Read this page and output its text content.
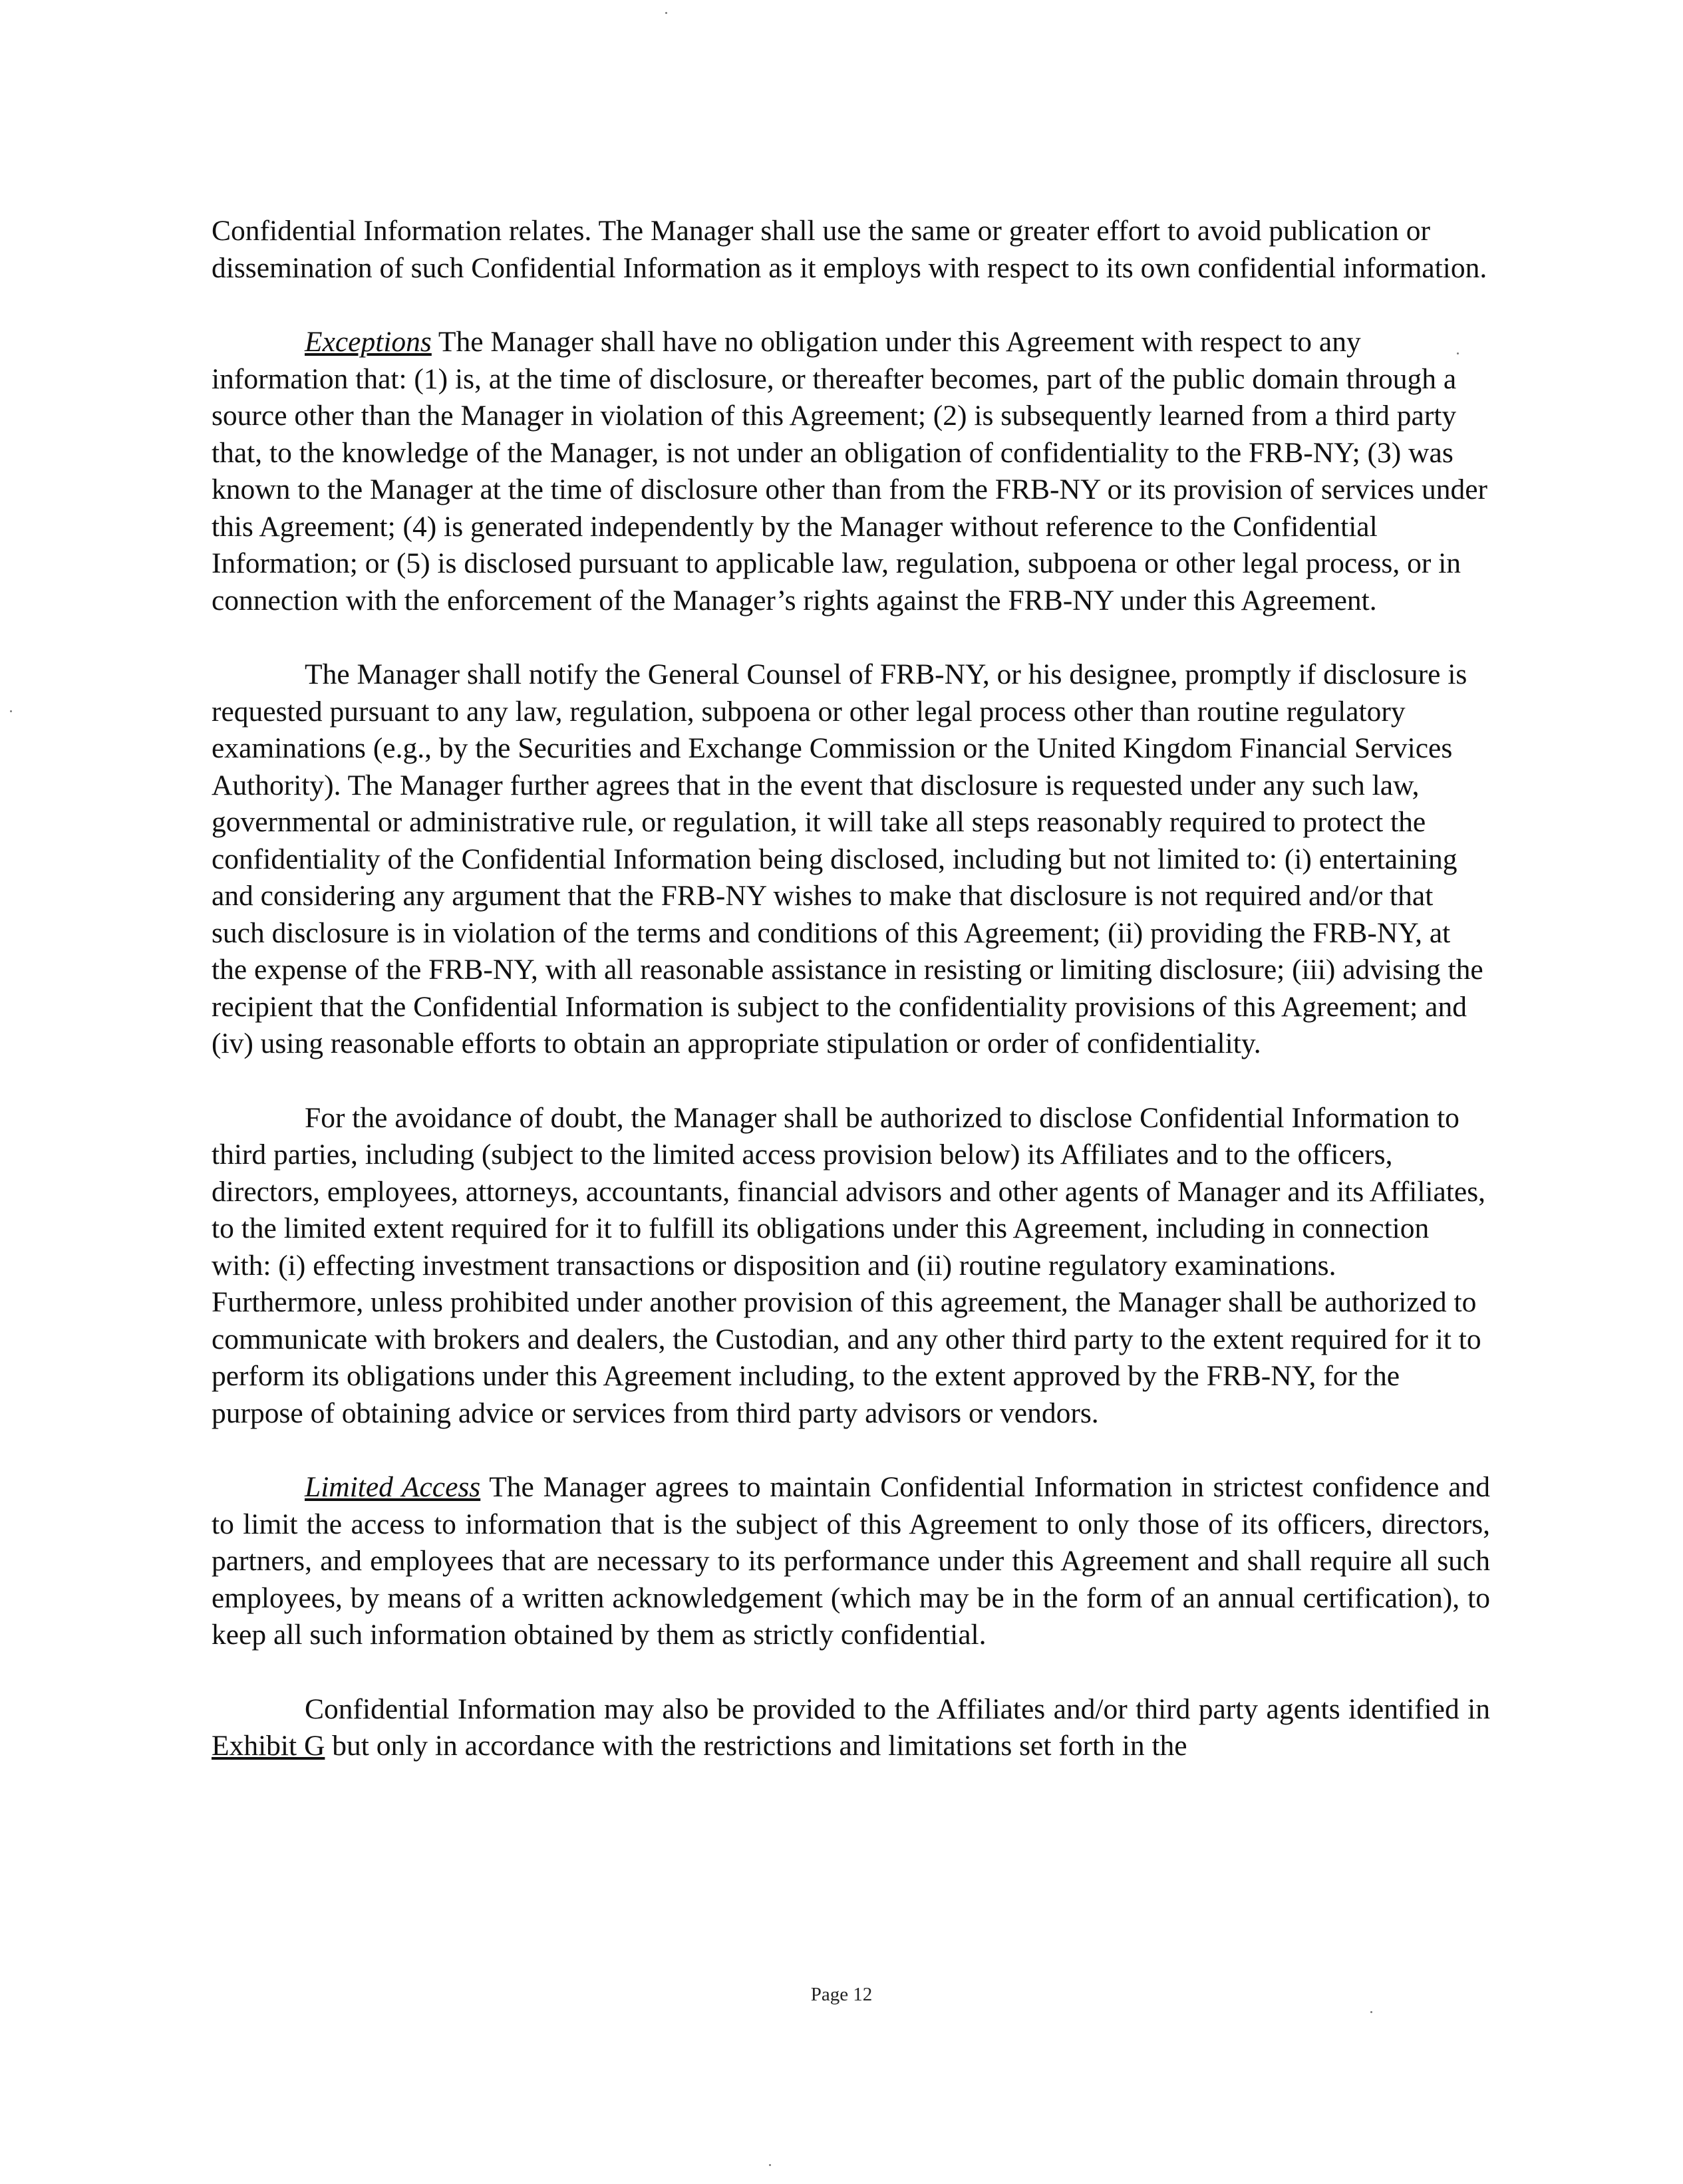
Confidential Information relates. The Manager shall use the same or greater effort to avoid publication or dissemination of such Confidential Information as it employs with respect to its own confidential information.

Exceptions The Manager shall have no obligation under this Agreement with respect to any information that: (1) is, at the time of disclosure, or thereafter becomes, part of the public domain through a source other than the Manager in violation of this Agreement; (2) is subsequently learned from a third party that, to the knowledge of the Manager, is not under an obligation of confidentiality to the FRB-NY; (3) was known to the Manager at the time of disclosure other than from the FRB-NY or its provision of services under this Agreement; (4) is generated independently by the Manager without reference to the Confidential Information; or (5) is disclosed pursuant to applicable law, regulation, subpoena or other legal process, or in connection with the enforcement of the Manager’s rights against the FRB-NY under this Agreement.

The Manager shall notify the General Counsel of FRB-NY, or his designee, promptly if disclosure is requested pursuant to any law, regulation, subpoena or other legal process other than routine regulatory examinations (e.g., by the Securities and Exchange Commission or the United Kingdom Financial Services Authority). The Manager further agrees that in the event that disclosure is requested under any such law, governmental or administrative rule, or regulation, it will take all steps reasonably required to protect the confidentiality of the Confidential Information being disclosed, including but not limited to: (i) entertaining and considering any argument that the FRB-NY wishes to make that disclosure is not required and/or that such disclosure is in violation of the terms and conditions of this Agreement; (ii) providing the FRB-NY, at the expense of the FRB-NY, with all reasonable assistance in resisting or limiting disclosure; (iii) advising the recipient that the Confidential Information is subject to the confidentiality provisions of this Agreement; and (iv) using reasonable efforts to obtain an appropriate stipulation or order of confidentiality.

For the avoidance of doubt, the Manager shall be authorized to disclose Confidential Information to third parties, including (subject to the limited access provision below) its Affiliates and to the officers, directors, employees, attorneys, accountants, financial advisors and other agents of Manager and its Affiliates, to the limited extent required for it to fulfill its obligations under this Agreement, including in connection with: (i) effecting investment transactions or disposition and (ii) routine regulatory examinations. Furthermore, unless prohibited under another provision of this agreement, the Manager shall be authorized to communicate with brokers and dealers, the Custodian, and any other third party to the extent required for it to perform its obligations under this Agreement including, to the extent approved by the FRB-NY, for the purpose of obtaining advice or services from third party advisors or vendors.

Limited Access The Manager agrees to maintain Confidential Information in strictest confidence and to limit the access to information that is the subject of this Agreement to only those of its officers, directors, partners, and employees that are necessary to its performance under this Agreement and shall require all such employees, by means of a written acknowledgement (which may be in the form of an annual certification), to keep all such information obtained by them as strictly confidential.

Confidential Information may also be provided to the Affiliates and/or third party agents identified in Exhibit G but only in accordance with the restrictions and limitations set forth in the

Page 12
